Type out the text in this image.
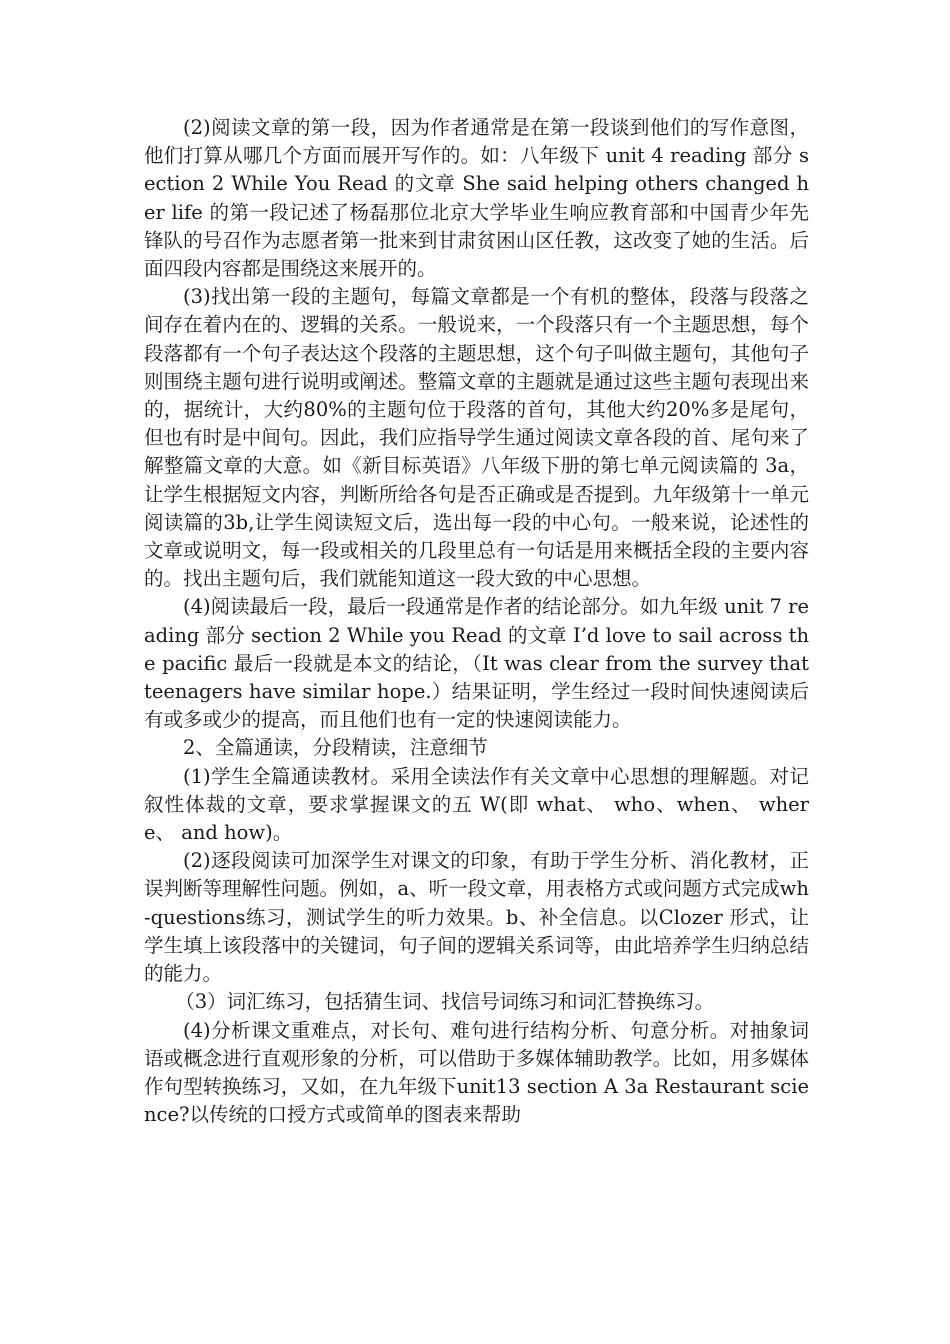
(2)阅读文章的第一段，因为作者通常是在第一段谈到他们的写作意图，他们打算从哪几个方面而展开写作的。如：八年级下 unit 4 reading 部分 section 2 While You Read 的文章 She said helping others changed her life 的第一段记述了杨磊那位北京大学毕业生响应教育部和中国青少年先锋队的号召作为志愿者第一批来到甘肃贫困山区任教，这改变了她的生活。后面四段内容都是围绕这来展开的。

(3)找出第一段的主题句，每篇文章都是一个有机的整体，段落与段落之间存在着内在的、逻辑的关系。一般说来，一个段落只有一个主题思想，每个段落都有一个句子表达这个段落的主题思想，这个句子叫做主题句，其他句子则围绕主题句进行说明或阐述。整篇文章的主题就是通过这些主题句表现出来的，据统计，大约80%的主题句位于段落的首句，其他大约20%多是尾句，但也有时是中间句。因此，我们应指导学生通过阅读文章各段的首、尾句来了解整篇文章的大意。如《新目标英语》八年级下册的第七单元阅读篇的 3a，让学生根据短文内容，判断所给各句是否正确或是否提到。九年级第十一单元阅读篇的3b,让学生阅读短文后，选出每一段的中心句。一般来说，论述性的文章或说明文，每一段或相关的几段里总有一句话是用来概括全段的主要内容的。找出主题句后，我们就能知道这一段大致的中心思想。

(4)阅读最后一段，最后一段通常是作者的结论部分。如九年级 unit 7 reading 部分 section 2 While you Read 的文章 I’d love to sail across the pacific 最后一段就是本文的结论，（It was clear from the survey that teenagers have similar hope.）结果证明，学生经过一段时间快速阅读后有或多或少的提高，而且他们也有一定的快速阅读能力。

2、全篇通读，分段精读，注意细节

(1)学生全篇通读教材。采用全读法作有关文章中心思想的理解题。对记叙性体裁的文章，要求掌握课文的五 W(即 what、 who、when、 where、 and how)。

(2)逐段阅读可加深学生对课文的印象，有助于学生分析、消化教材，正误判断等理解性问题。例如，a、听一段文章，用表格方式或问题方式完成wh-questions练习，测试学生的听力效果。b、补全信息。以Clozer 形式，让学生填上该段落中的关键词，句子间的逻辑关系词等，由此培养学生归纳总结的能力。

（3）词汇练习，包括猜生词、找信号词练习和词汇替换练习。

(4)分析课文重难点，对长句、难句进行结构分析、句意分析。对抽象词语或概念进行直观形象的分析，可以借助于多媒体辅助教学。比如，用多媒体作句型转换练习，又如，在九年级下unit13 section A 3a Restaurant science?以传统的口授方式或简单的图表来帮助
